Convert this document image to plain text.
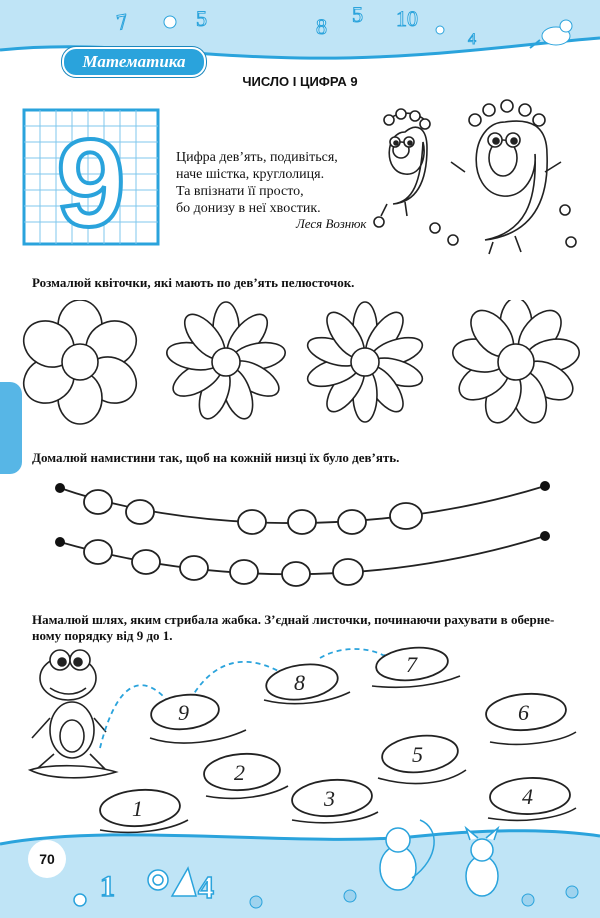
7	5	8 5 10
4
Математика
ЧИСЛО І ЦИФРА 9
9	Цифра дев’ять, подивіться,
наче шістка, круглолиця.
Та впізнати її просто,
бо донизу в неї хвостик.
Леся Вознюк
Розмалюй квіточки, які мають по дев’ять пелюсточок.
Домалюй намистини так, щоб на кожній низці їх було дев’ять.
Намалюй шлях, яким стрибала жабка. З’єднай листочки, починаючи рахувати в оберне-
ному порядку від 9 до 1.
9
8
7
6
5
4
3
2
1
1	4
70
